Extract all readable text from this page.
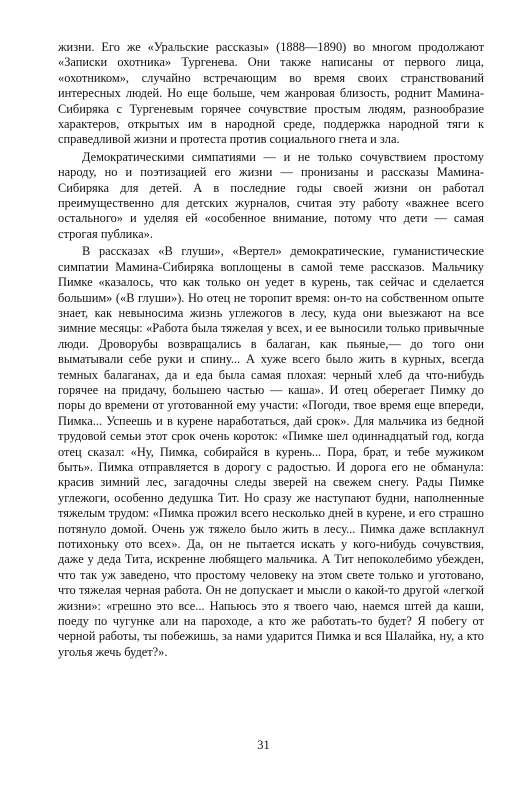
жизни. Его же «Уральские рассказы» (1888—1890) во многом продолжают «Записки охотника» Тургенева. Они также написаны от первого лица, «охотником», случайно встречающим во время своих странствований интересных людей. Но еще больше, чем жанровая близость, роднит Мамина-Сибиряка с Тургеневым горячее сочувствие простым людям, разнообразие характеров, открытых им в народной среде, поддержка народной тяги к справедливой жизни и протеста против социального гнета и зла.

Демократическими симпатиями — и не только сочувствием простому народу, но и поэтизацией его жизни — пронизаны и рассказы Мамина-Сибиряка для детей. А в последние годы своей жизни он работал преимущественно для детских журналов, считая эту работу «важнее всего остального» и уделяя ей «особенное внимание, потому что дети — самая строгая публика».

В рассказах «В глуши», «Вертел» демократические, гуманистические симпатии Мамина-Сибиряка воплощены в самой теме рассказов. Мальчику Пимке «казалось, что как только он уедет в курень, так сейчас и сделается большим» («В глуши»). Но отец не торопит время: он-то на собственном опыте знает, как невыносима жизнь углежогов в лесу, куда они выезжают на все зимние месяцы: «Работа была тяжелая у всех, и ее выносили только привычные люди. Дроворубы возвращались в балаган, как пьяные,— до того они выматывали себе руки и спину... А хуже всего было жить в курных, всегда темных балаганах, да и еда была самая плохая: черный хлеб да что-нибудь горячее на придачу, большею частью — каша». И отец оберегает Пимку до поры до времени от уготованной ему участи: «Погоди, твое время еще впереди, Пимка... Успеешь и в курене наработаться, дай срок». Для мальчика из бедной трудовой семьи этот срок очень короток: «Пимке шел одиннадцатый год, когда отец сказал: «Ну, Пимка, собирайся в курень... Пора, брат, и тебе мужиком быть». Пимка отправляется в дорогу с радостью. И дорога его не обманула: красив зимний лес, загадочны следы зверей на свежем снегу. Рады Пимке углежоги, особенно дедушка Тит. Но сразу же наступают будни, наполненные тяжелым трудом: «Пимка прожил всего несколько дней в курене, и его страшно потянуло домой. Очень уж тяжело было жить в лесу... Пимка даже всплакнул потихоньку ото всех». Да, он не пытается искать у кого-нибудь сочувствия, даже у деда Тита, искренне любящего мальчика. А Тит непоколебимо убежден, что так уж заведено, что простому человеку на этом свете только и уготовано, что тяжелая черная работа. Он не допускает и мысли о какой-то другой «легкой жизни»: «грешно это все... Напьюсь это я твоего чаю, наемся штей да каши, поеду по чугунке али на пароходе, а кто же работать-то будет? Я побегу от черной работы, ты побежишь, за нами ударится Пимка и вся Шалайка, ну, а кто уголья жечь будет?».

31
